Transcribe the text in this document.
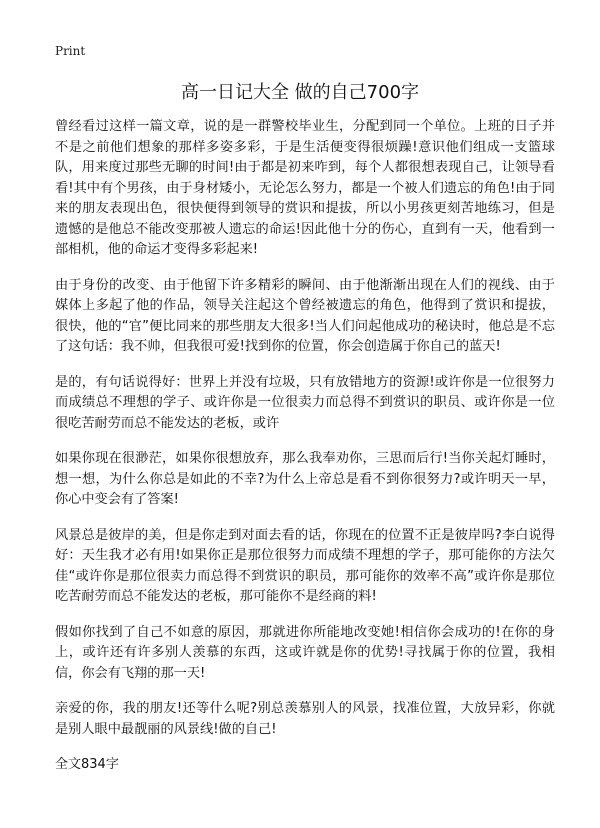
Print
高一日记大全 做的自己700字

曾经看过这样一篇文章，说的是一群警校毕业生，分配到同一个单位。上班的日子并不是之前他们想象的那样多姿多彩，于是生活便变得很烦躁!意识他们组成一支篮球队，用来度过那些无聊的时间!由于都是初来咋到，每个人都很想表现自己，让领导看看!其中有个男孩，由于身材矮小，无论怎么努力，都是一个被人们遗忘的角色!由于同来的朋友表现出色，很快便得到领导的赏识和提拔，所以小男孩更刻苦地练习，但是遗憾的是他总不能改变那被人遗忘的命运!因此他十分的伤心，直到有一天，他看到一部相机，他的命运才变得多彩起来!

由于身份的改变、由于他留下许多精彩的瞬间、由于他渐渐出现在人们的视线、由于媒体上多起了他的作品，领导关注起这个曾经被遗忘的角色，他得到了赏识和提拔，很快，他的“官”便比同来的那些朋友大很多!当人们问起他成功的秘诀时，他总是不忘了这句话：我不帅，但我很可爱!找到你的位置，你会创造属于你自己的蓝天!

是的，有句话说得好：世界上并没有垃圾，只有放错地方的资源!或许你是一位很努力而成绩总不理想的学子、或许你是一位很卖力而总得不到赏识的职员、或许你是一位很吃苦耐劳而总不能发达的老板，或许

如果你现在很渺茫，如果你很想放弃，那么我奉劝你，三思而后行!当你关起灯睡时，想一想，为什么你总是如此的不幸?为什么上帝总是看不到你很努力?或许明天一早，你心中变会有了答案!

风景总是彼岸的美，但是你走到对面去看的话，你现在的位置不正是彼岸吗?李白说得好：天生我才必有用!如果你正是那位很努力而成绩不理想的学子，那可能你的方法欠佳“或许你是那位很卖力而总得不到赏识的职员，那可能你的效率不高”或许你是那位吃苦耐劳而总不能发达的老板，那可能你不是经商的料!

假如你找到了自己不如意的原因，那就进你所能地改变她!相信你会成功的!在你的身上，或许还有许多别人羡慕的东西，这或许就是你的优势!寻找属于你的位置，我相信，你会有飞翔的那一天!

亲爱的你，我的朋友!还等什么呢?别总羡慕别人的风景，找准位置，大放异彩，你就是别人眼中最靓丽的风景线!做的自己!

全文834字
